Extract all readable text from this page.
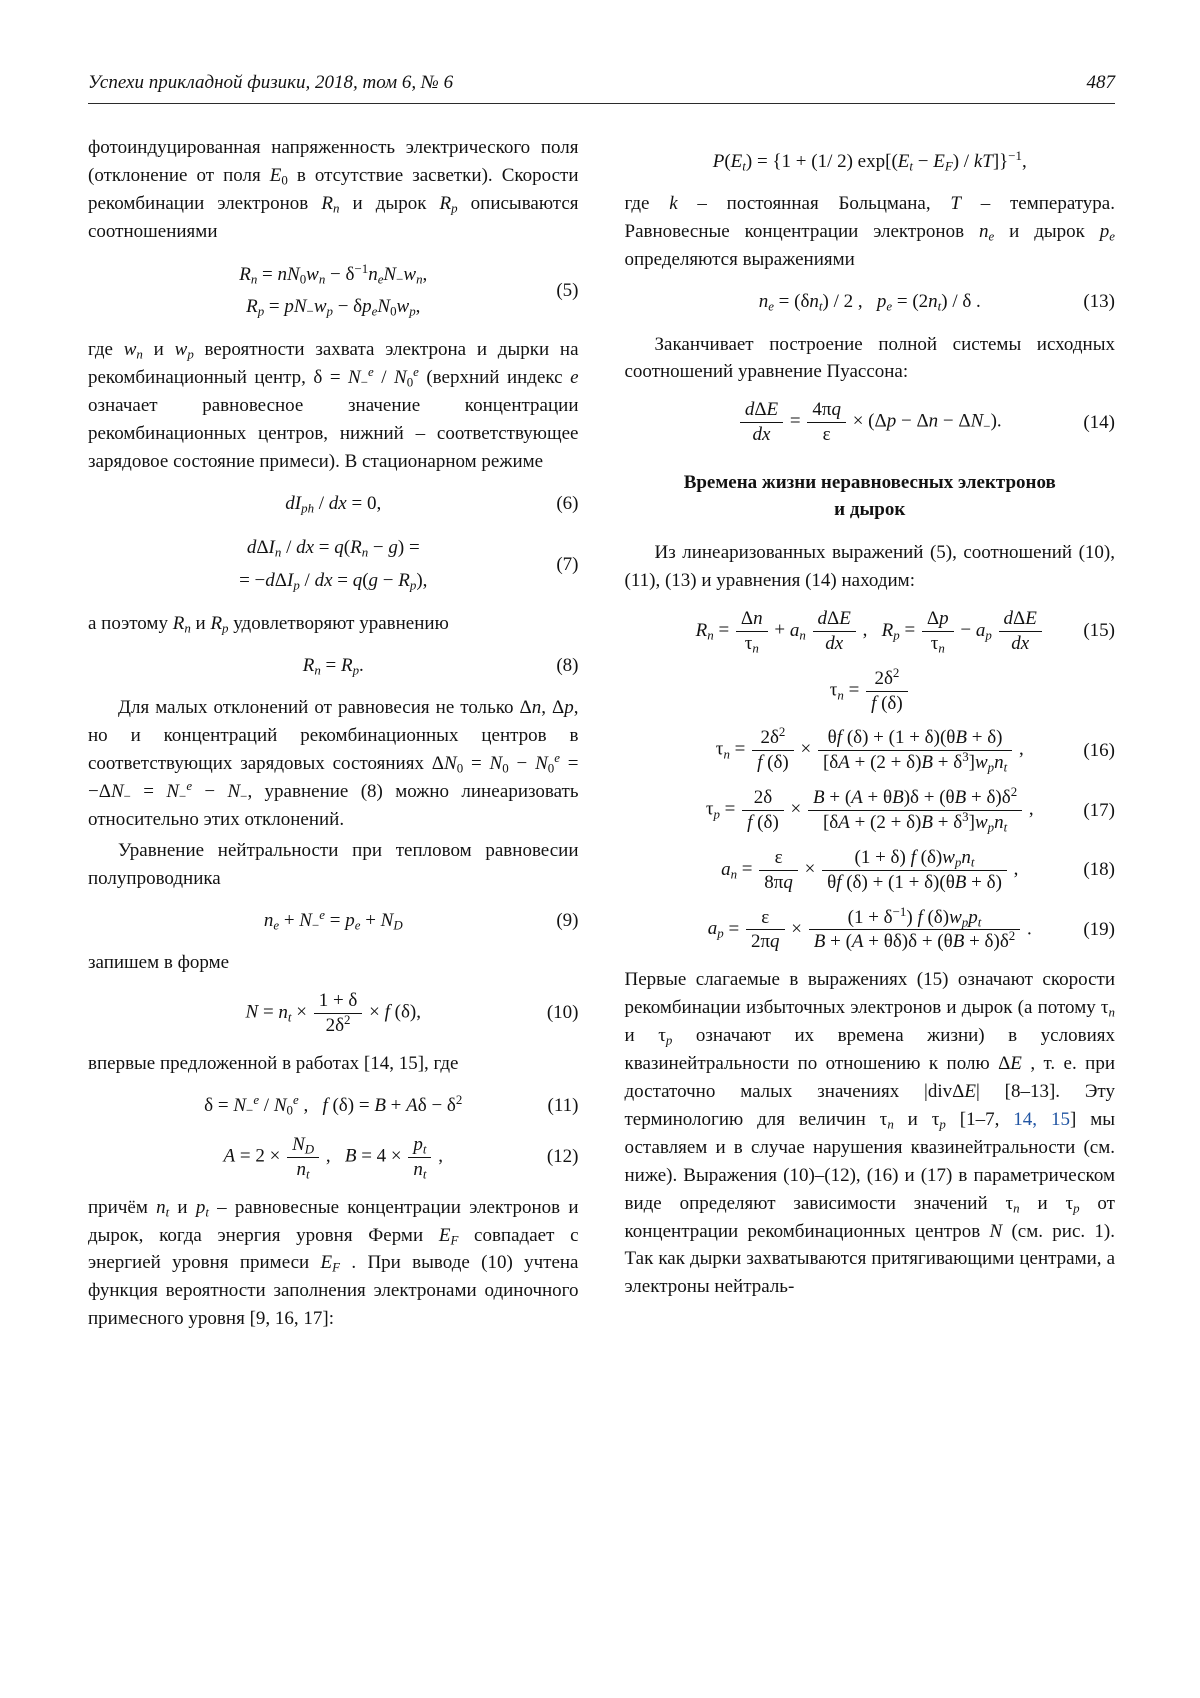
Успехи прикладной физики, 2018, том 6, № 6	487

фотоиндуцированная напряженность электрического поля (отклонение от поля $E_0$ в отсутствие засветки). Скорости рекомбинации электронов $R_n$ и дырок $R_p$ описываются соотношениями

$R_n = nN_0w_n - \delta^{-1}n_eN_-w_n$,
$R_p = pN_-w_p - \delta p_eN_0w_p$,
(5)

где $w_n$ и $w_p$ вероятности захвата электрона и дырки на рекомбинационный центр, $\delta = N_-^e / N_0^e$ (верхний индекс e означает равновесное значение концентрации рекомбинационных центров, нижний – соответствующее зарядовое состояние примеси). В стационарном режиме

$dI_{ph}$ / dx = 0,	(6)
dΔI$_n$ / dx = $q(R_n - g)$ =
= −dΔI$_p$ / dx = $q(g - R_p)$,
(7)

а поэтому $R_n$ и $R_p$ удовлетворяют уравнению

$R_n = R_p$.	(8)

Для малых отклонений от равновесия не только Δn, Δp, но и концентраций рекомбинационных центров в соответствующих зарядовых состояниях $\Delta N_0 = N_0 - N_0^e = -\Delta N_- = N_-^e - N_-$, уравнение (8) можно линеаризовать относительно этих отклонений.

Уравнение нейтральности при тепловом равновесии полупроводника

$n_e + N_-^e = p_e + N_D$	(9)

запишем в форме

$N = n_t \times \frac{1 + \delta}{2\delta^2} \times f$ (δ),	(10)

впервые предложенной в работах [14, 15], где

$\delta = N_-^e / N_0^e$ ,   f $(\delta) = B + A\delta - \delta^2$	(11)
$A = 2 \times \frac{N_D}{n_t}$ ,   $B = 4 \times \frac{p_t}{n_t}$ ,	(12)

причём $n_t$ и $p_t$ – равновесные концентрации электронов и дырок, когда энергия уровня Ферми $E_F$ совпадает с энергией уровня примеси $E_F$ . При выводе (10) учтена функция вероятности заполнения электронами одиночного примесного уровня [9, 16, 17]:

$P(E_t) = \{1 + (1/$ 2) $\exp[(E_t - E_F) / kT]\}^{-1}$,

где k – постоянная Больцмана, T – температура. Равновесные концентрации электронов $n_e$ и дырок $p_e$ определяются выражениями

$n_e = (\delta n_t) / 2$ ,   $p_e = (2n_t) / \delta$ .	(13)

Заканчивает построение полной системы исходных соотношений уравнение Пуассона:

dΔE
dx
= $\frac{4\pi q}{\varepsilon} \times (\Delta p - \Delta n - \Delta N_-)$.	(14)
Времена жизни неравновесных электронов
и дырок

Из линеаризованных выражений (5), соотношений (10), (11), (13) и уравнения (14) находим:

$R_n = \frac{\Delta n}{\tau_n} + a_n$
dΔE
dx
,   $R_p = \frac{\Delta p}{\tau_n} - a_p$
dΔE
dx
(15)
$\tau_n = \frac{2\delta^2}{f (\delta)}$
$\tau_n = \frac{2\delta^2}{f (\delta)}$ ×
θf (δ) + (1 + δ)(θB + δ)
$[\delta A + (2 + \delta)B + \delta^3]w_pn_t$
,	(16)
$\tau_p = \frac{2\delta}{f (\delta)}$ ×
$B + (A + \theta B)\delta + (\theta B + \delta)\delta^2$
$[\delta A + (2 + \delta)B + \delta^3]w_pn_t$
,	(17)
$a_n = \frac{\varepsilon}{8\pi q}$ ×
(1 + δ) f $(\delta)w_pn_t$
θf (δ) + (1 + δ)(θB + δ)
,	(18)
$a_p = \frac{\varepsilon}{2\pi q}$ ×
$(1 + \delta^{-1})$ f $(\delta)w_pp_t$
$B + (A + \theta\delta)\delta + (\theta B + \delta)\delta^2$ .	(19)

Первые слагаемые в выражениях (15) означают скорости рекомбинации избыточных электронов и дырок (а потому $\tau_n$ и $\tau_p$ означают их времена жизни) в условиях квазинейтральности по отношению к полю ΔE , т. е. при достаточно малых значениях |divΔE| [8–13]. Эту терминологию для величин $\tau_n$ и $\tau_p$ [1–7, 14, 15] мы оставляем и в случае нарушения квазинейтральности (см. ниже). Выражения (10)–(12), (16) и (17) в параметрическом виде определяют зависимости значений $\tau_n$ и $\tau_p$ от концентрации рекомбинационных центров N (см. рис. 1). Так как дырки захватываются притягивающими центрами, а электроны нейтраль-
